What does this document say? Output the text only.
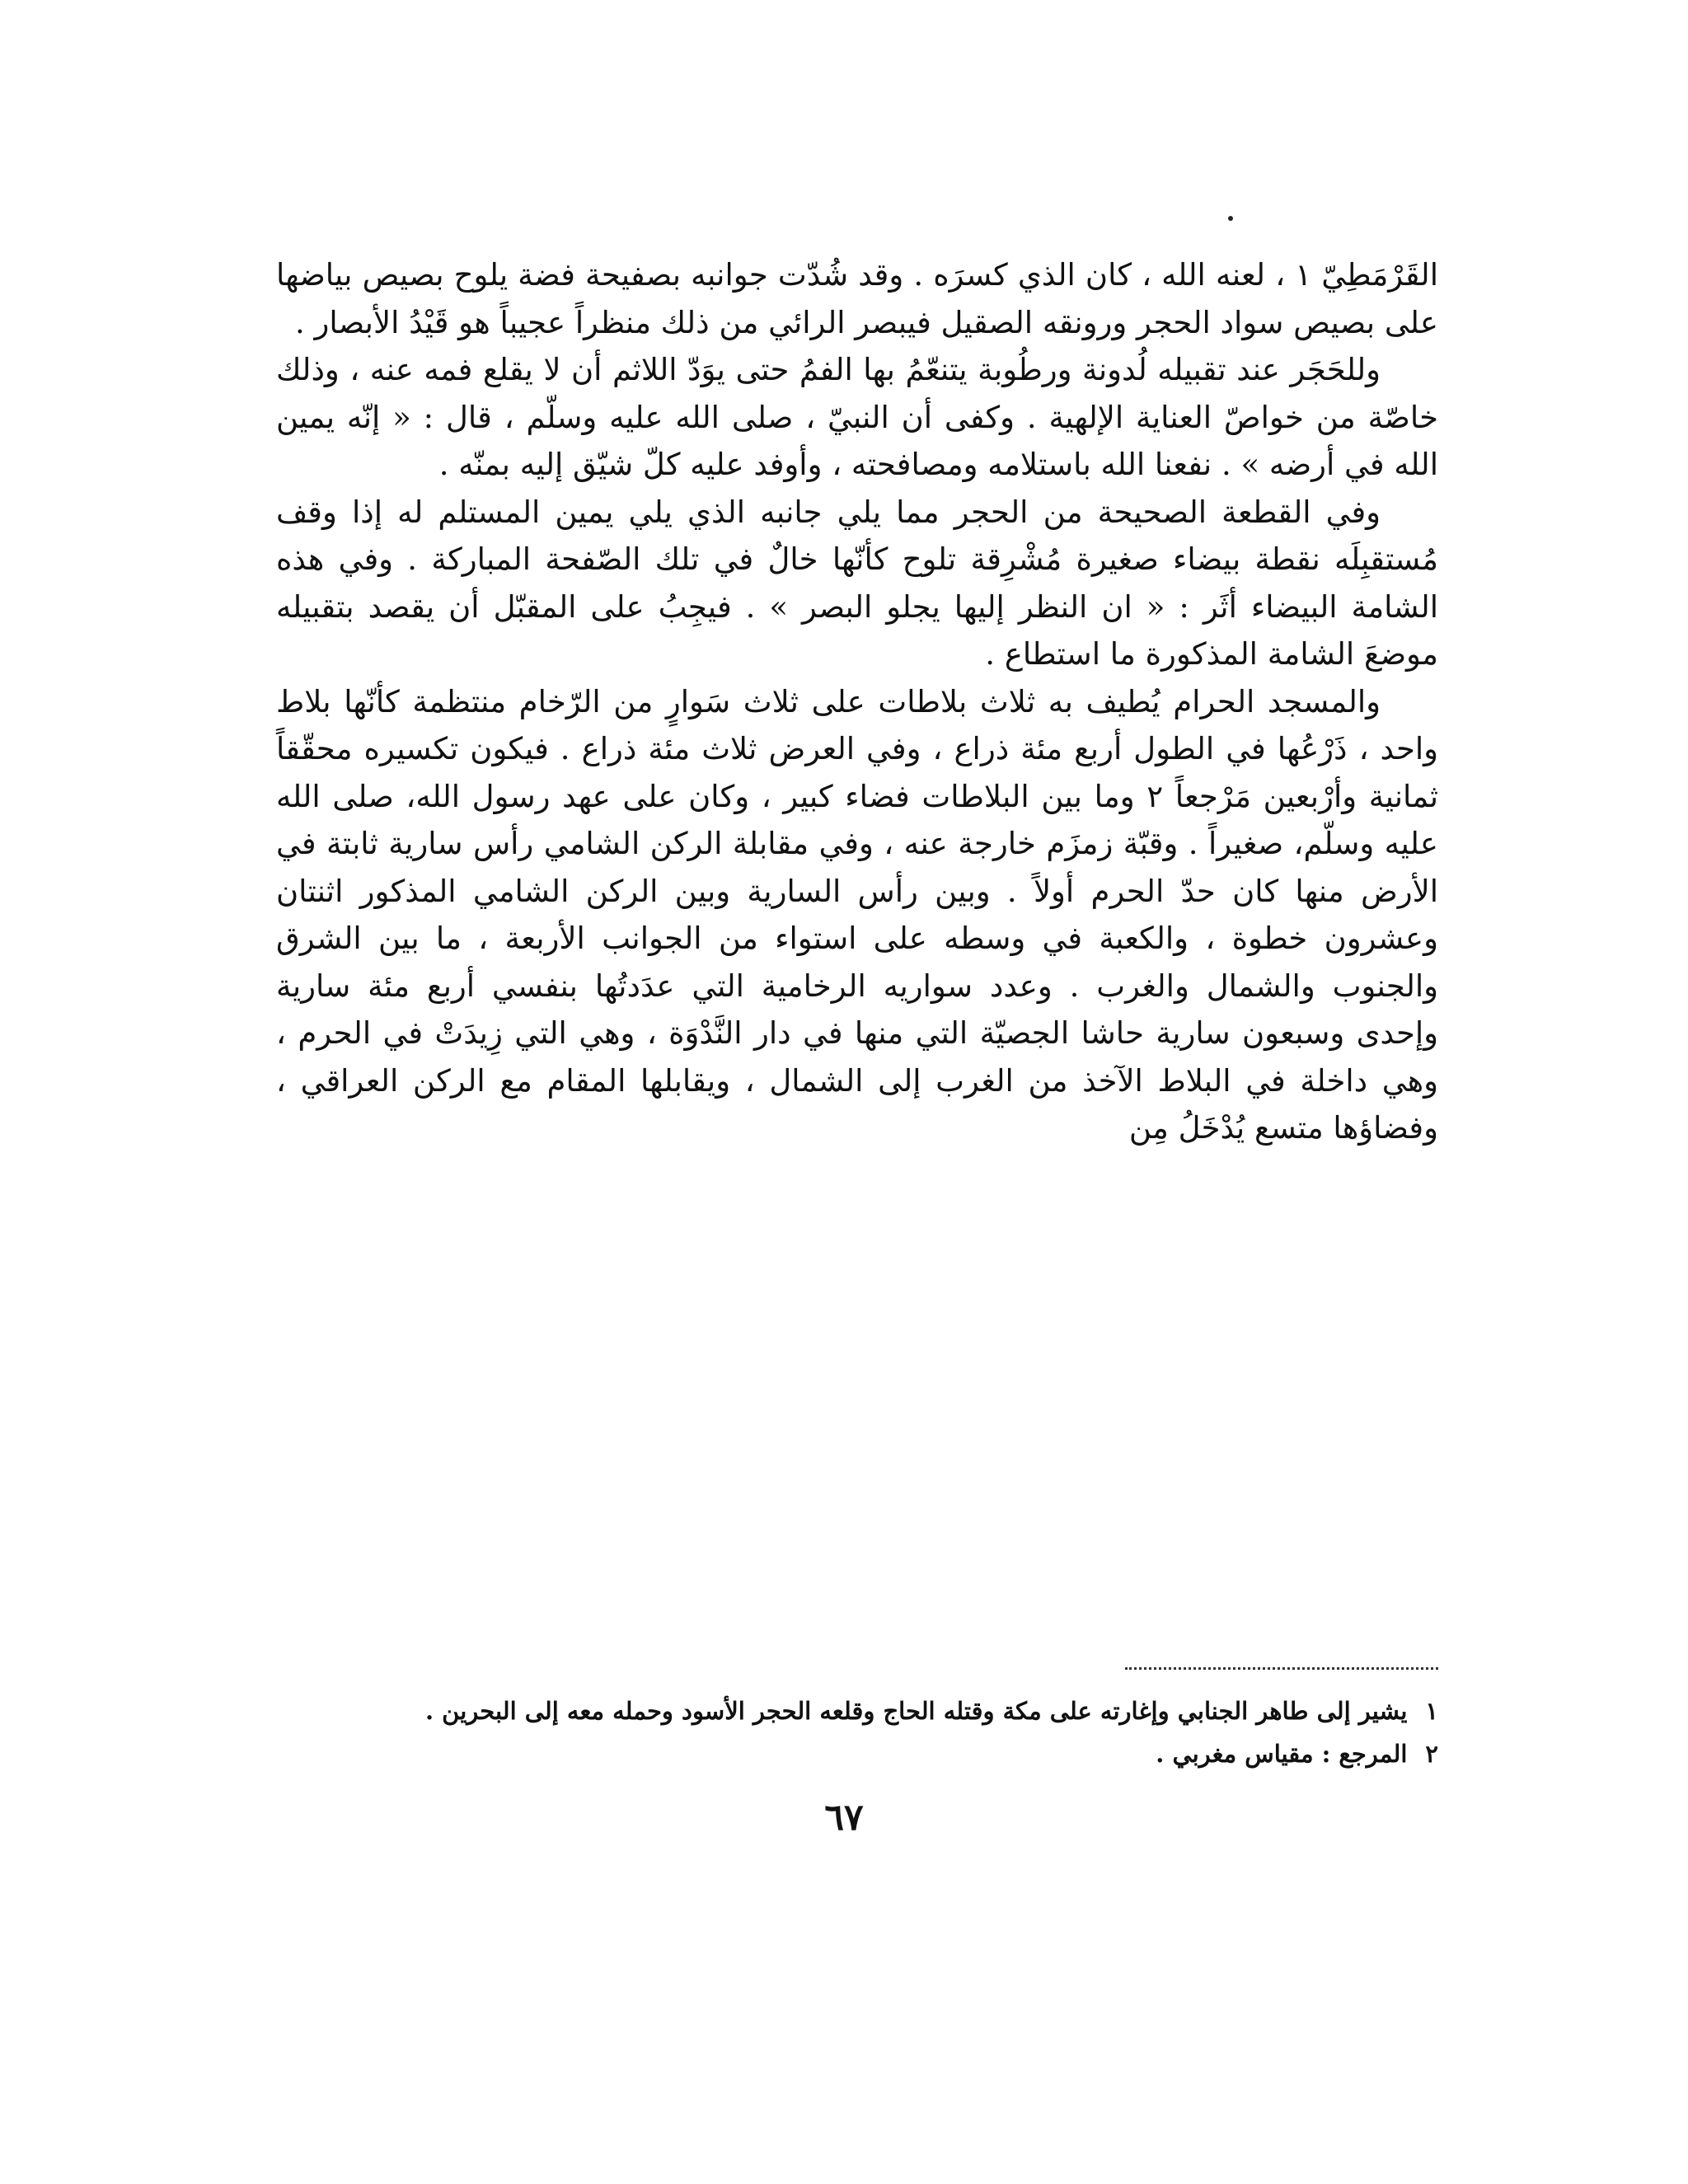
القَرْمَطِيّ ١ ، لعنه الله ، كان الذي كسرَه . وقد شُدّت جوانبه بصفيحة فضة يلوح بصيص بياضها على بصيص سواد الحجر ورونقه الصقيل فيبصر الرائي من ذلك منظراً عجيباً هو قَيْدُ الأبصار .

وللحَجَر عند تقبيله لُدونة ورطُوبة يتنعّمُ بها الفمُ حتى يوَدّ اللاثم أن لا يقلع فمه عنه ، وذلك خاصّة من خواصّ العناية الإلهية . وكفى أن النبيّ ، صلى الله عليه وسلّم ، قال : « إنّه يمين الله في أرضه » . نفعنا الله باستلامه ومصافحته ، وأوفد عليه كلّ شيّق إليه بمنّه .

وفي القطعة الصحيحة من الحجر مما يلي جانبه الذي يلي يمين المستلم له إذا وقف مُستقبِلَه نقطة بيضاء صغيرة مُشْرِقة تلوح كأنّها خالٌ في تلك الصّفحة المباركة . وفي هذه الشامة البيضاء أثَر : « ان النظر إليها يجلو البصر » . فيجِبُ على المقبّل أن يقصد بتقبيله موضعَ الشامة المذكورة ما استطاع .

والمسجد الحرام يُطيف به ثلاث بلاطات على ثلاث سَوارٍ من الرّخام منتظمة كأنّها بلاط واحد ، ذَرْعُها في الطول أربع مئة ذراع ، وفي العرض ثلاث مئة ذراع . فيكون تكسيره محقّقاً ثمانية وأرْبعين مَرْجعاً ٢ وما بين البلاطات فضاء كبير ، وكان على عهد رسول الله، صلى الله عليه وسلّم، صغيراً . وقبّة زمزَم خارجة عنه ، وفي مقابلة الركن الشامي رأس سارية ثابتة في الأرض منها كان حدّ الحرم أولاً . وبين رأس السارية وبين الركن الشامي المذكور اثنتان وعشرون خطوة ، والكعبة في وسطه على استواء من الجوانب الأربعة ، ما بين الشرق والجنوب والشمال والغرب . وعدد سواريه الرخامية التي عدَدتُها بنفسي أربع مئة سارية وإحدى وسبعون سارية حاشا الجصيّة التي منها في دار النَّدْوَة ، وهي التي زِيدَتْ في الحرم ، وهي داخلة في البلاط الآخذ من الغرب إلى الشمال ، ويقابلها المقام مع الركن العراقي ، وفضاؤها متسع يُدْخَلُ مِن

١يشير إلى طاهر الجنابي وإغارته على مكة وقتله الحاج وقلعه الحجر الأسود وحمله معه إلى البحرين .

٢المرجع : مقياس مغربي .

٦٧
